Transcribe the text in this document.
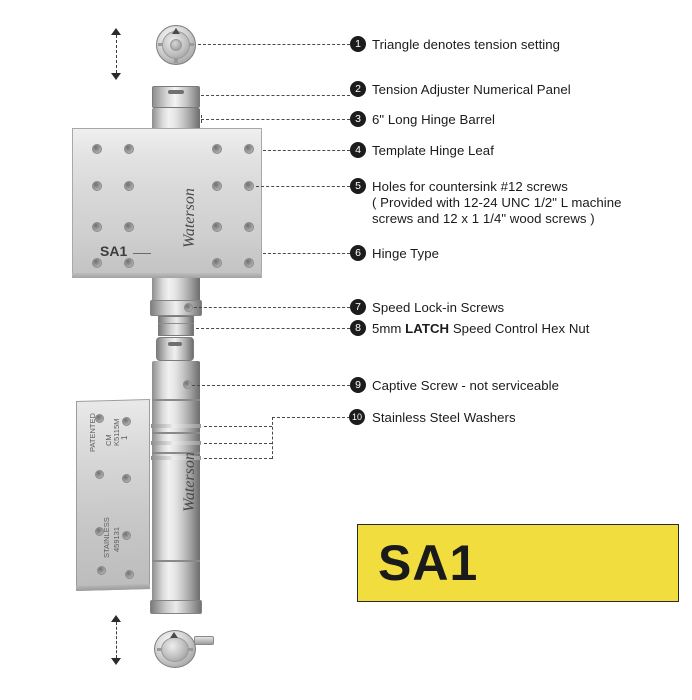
SA1
Waterson
K5115M
CM
PATENTED
459131
STAINLESS
1
Waterson
1 Triangle denotes tension setting
2 Tension Adjuster Numerical Panel
3 6" Long Hinge Barrel
4 Template Hinge Leaf
5 Holes for countersink #12 screws
( Provided with 12-24 UNC 1/2" L machine
screws and 12 x 1 1/4" wood screws )
6 Hinge Type
7 Speed Lock-in Screws
8 5mm LATCH Speed Control Hex Nut
9 Captive Screw - not serviceable
10 Stainless Steel Washers
SA1
